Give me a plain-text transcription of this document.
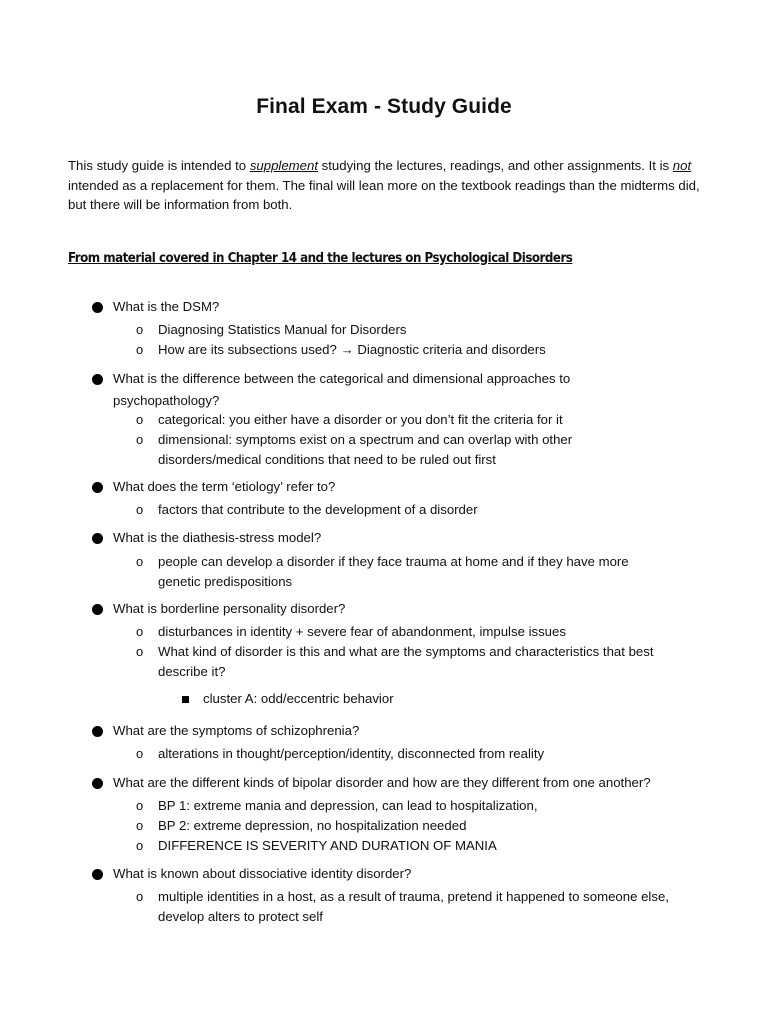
Final Exam - Study Guide
This study guide is intended to supplement studying the lectures, readings, and other assignments. It is not intended as a replacement for them. The final will lean more on the textbook readings than the midterms did, but there will be information from both.
From material covered in Chapter 14 and the lectures on Psychological Disorders
What is the DSM?
o Diagnosing Statistics Manual for Disorders
o How are its subsections used? → Diagnostic criteria and disorders
What is the difference between the categorical and dimensional approaches to psychopathology?
o categorical: you either have a disorder or you don’t fit the criteria for it
o dimensional: symptoms exist on a spectrum and can overlap with other disorders/medical conditions that need to be ruled out first
What does the term ‘etiology’ refer to?
o factors that contribute to the development of a disorder
What is the diathesis-stress model?
o people can develop a disorder if they face trauma at home and if they have more genetic predispositions
What is borderline personality disorder?
o disturbances in identity + severe fear of abandonment, impulse issues
o What kind of disorder is this and what are the symptoms and characteristics that best describe it?
cluster A: odd/eccentric behavior
What are the symptoms of schizophrenia?
o alterations in thought/perception/identity, disconnected from reality
What are the different kinds of bipolar disorder and how are they different from one another?
o BP 1: extreme mania and depression, can lead to hospitalization,
o BP 2: extreme depression, no hospitalization needed
o DIFFERENCE IS SEVERITY AND DURATION OF MANIA
What is known about dissociative identity disorder?
o multiple identities in a host, as a result of trauma, pretend it happened to someone else, develop alters to protect self
